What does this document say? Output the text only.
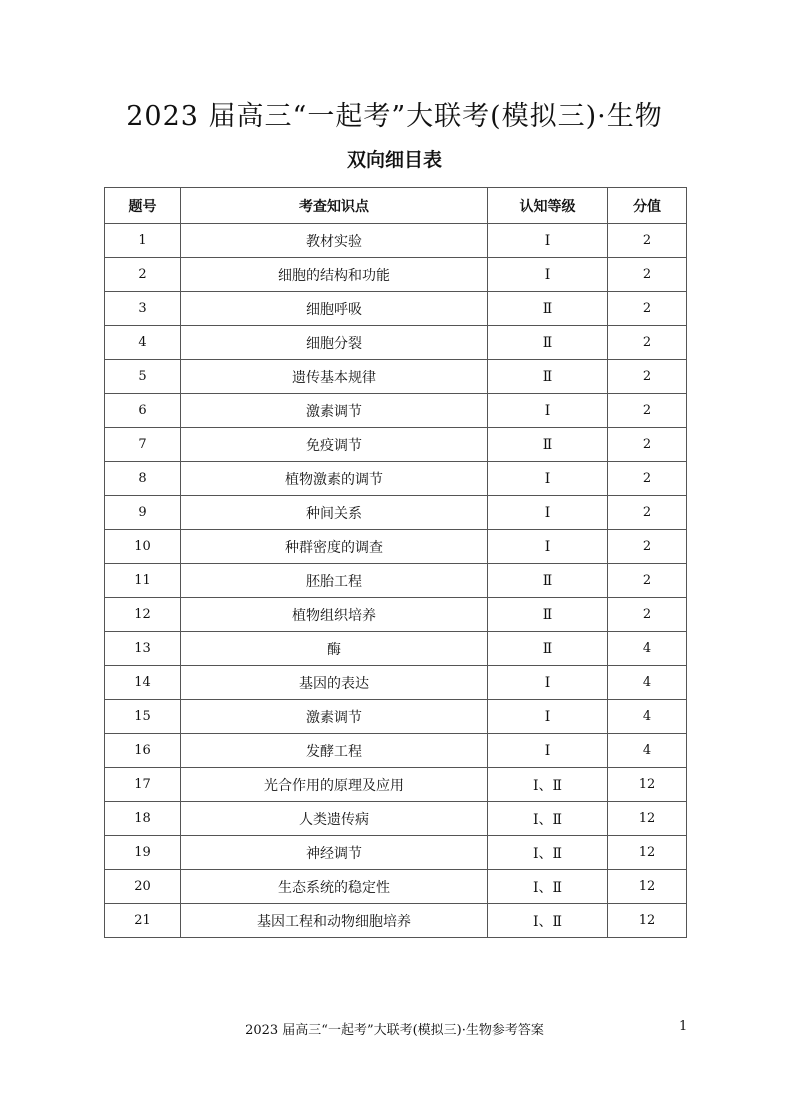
2023 届高三“一起考”大联考(模拟三)·生物
双向细目表
题号	考查知识点	认知等级	分值
1	教材实验	Ⅰ	2
2	细胞的结构和功能	Ⅰ	2
3	细胞呼吸	Ⅱ	2
4	细胞分裂	Ⅱ	2
5	遗传基本规律	Ⅱ	2
6	激素调节	Ⅰ	2
7	免疫调节	Ⅱ	2
8	植物激素的调节	Ⅰ	2
9	种间关系	Ⅰ	2
10	种群密度的调查	Ⅰ	2
11	胚胎工程	Ⅱ	2
12	植物组织培养	Ⅱ	2
13	酶	Ⅱ	4
14	基因的表达	Ⅰ	4
15	激素调节	Ⅰ	4
16	发酵工程	Ⅰ	4
17	光合作用的原理及应用	Ⅰ、Ⅱ	12
18	人类遗传病	Ⅰ、Ⅱ	12
19	神经调节	Ⅰ、Ⅱ	12
20	生态系统的稳定性	Ⅰ、Ⅱ	12
21	基因工程和动物细胞培养	Ⅰ、Ⅱ	12
2023 届高三“一起考”大联考(模拟三)·生物参考答案	1
